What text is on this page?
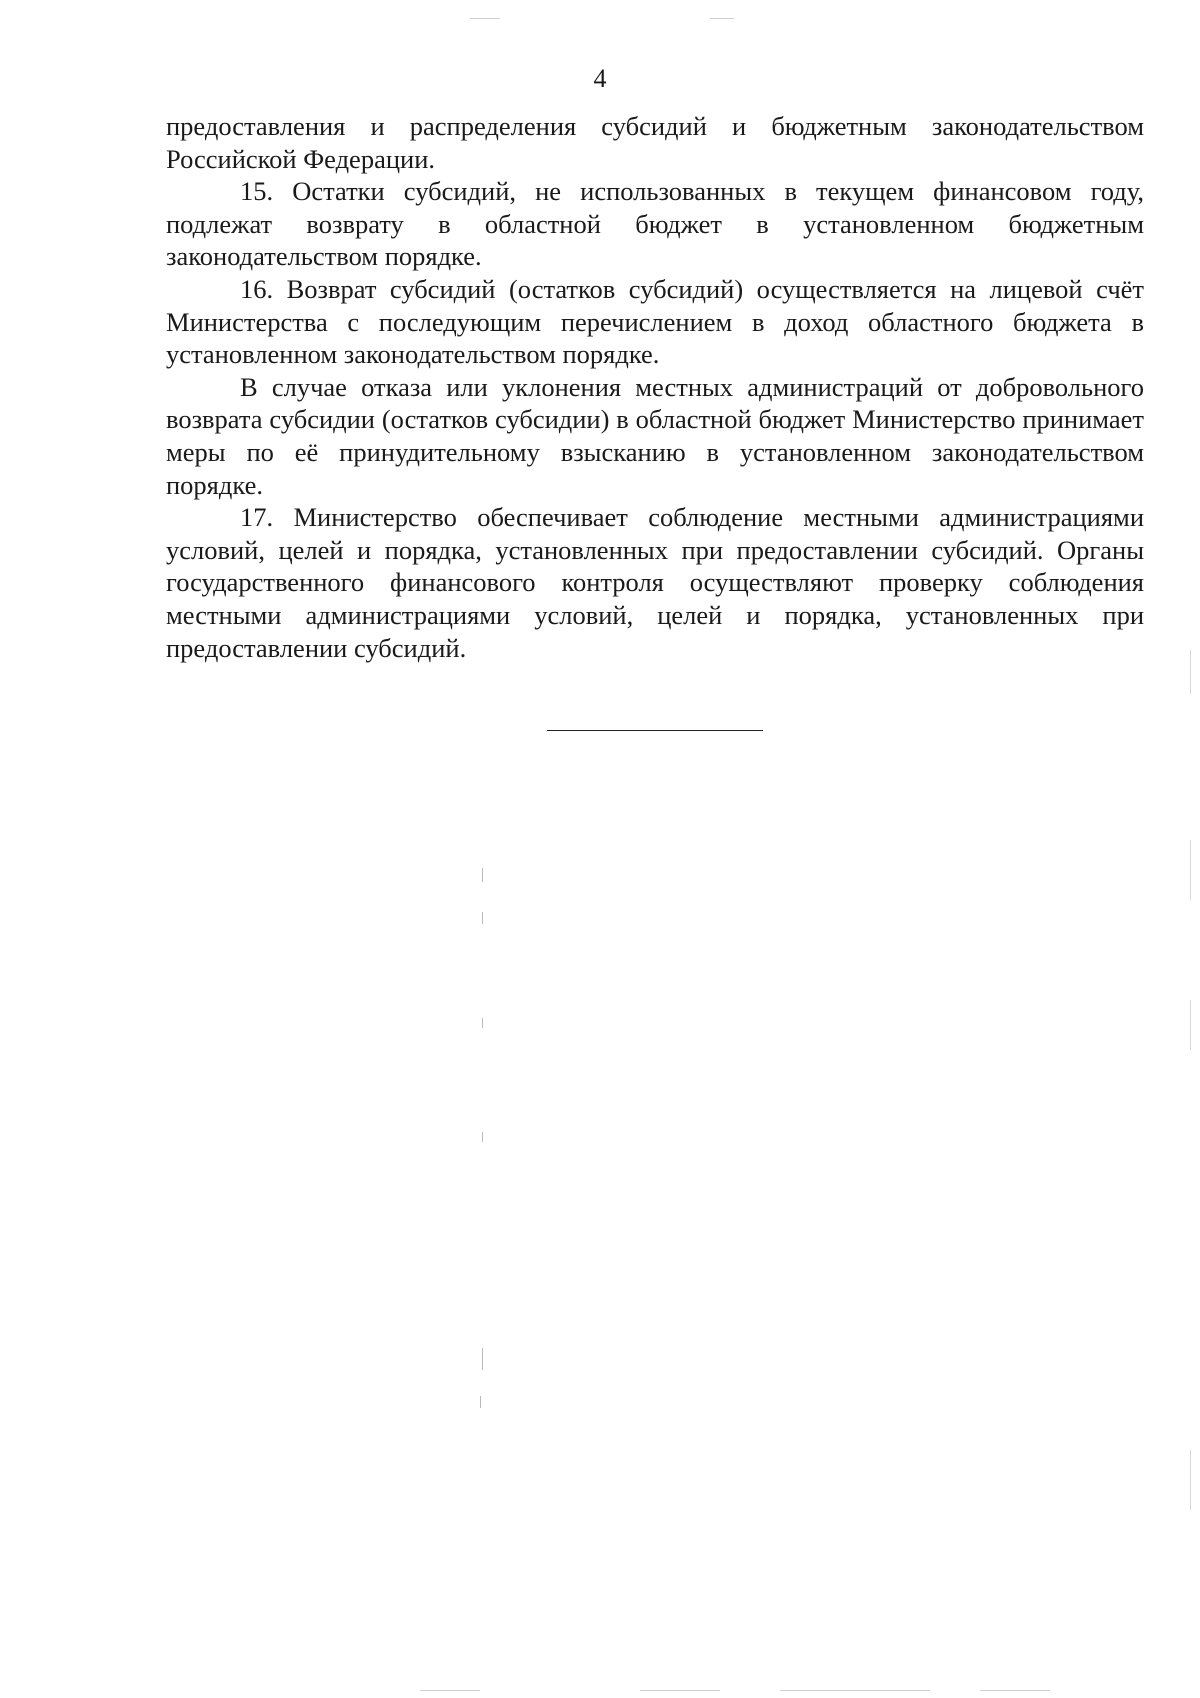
4

предоставления и распределения субсидий и бюджетным законодательством Российской Федерации.

15. Остатки субсидий, не использованных в текущем финансовом году, подлежат возврату в областной бюджет в установленном бюджетным законодательством порядке.

16. Возврат субсидий (остатков субсидий) осуществляется на лицевой счёт Министерства с последующим перечислением в доход областного бюджета в установленном законодательством порядке.

В случае отказа или уклонения местных администраций от добровольного возврата субсидии (остатков субсидии) в областной бюджет Министерство принимает меры по её принудительному взысканию в установленном законодательством порядке.

17. Министерство обеспечивает соблюдение местными администрациями условий, целей и порядка, установленных при предоставлении субсидий. Органы государственного финансового контроля осуществляют проверку соблюдения местными администрациями условий, целей и порядка, установленных при предоставлении субсидий.
